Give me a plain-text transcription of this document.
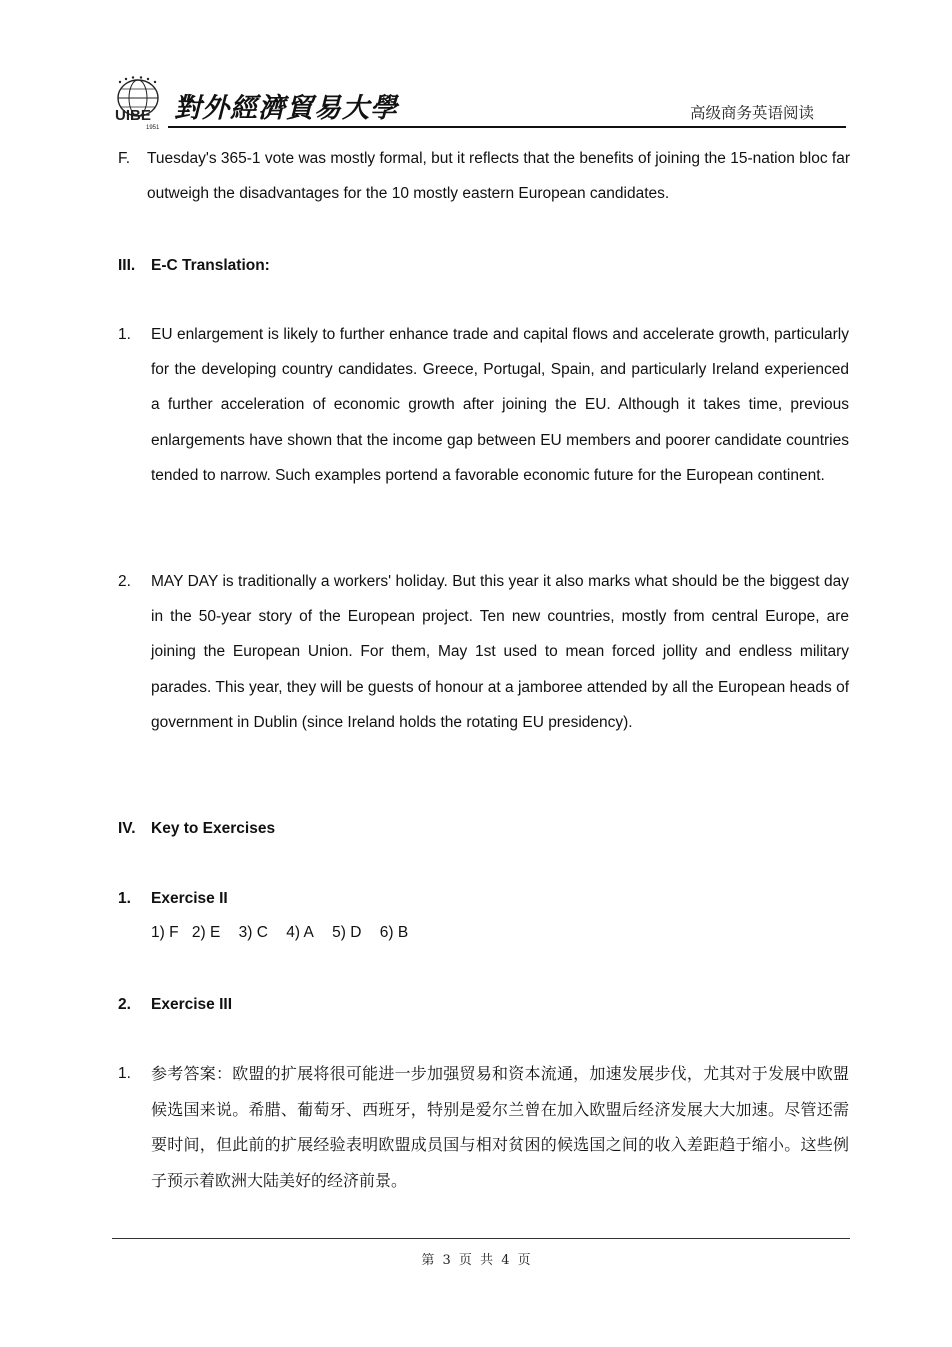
UIBE
1951
對外經濟貿易大學	高级商务英语阅读
F. Tuesday's 365-1 vote was mostly formal, but it reflects that the benefits of joining the 15-nation bloc far outweigh the disadvantages for the 10 mostly eastern European candidates.
III. E-C Translation:
1. EU enlargement is likely to further enhance trade and capital flows and accelerate growth, particularly for the developing country candidates. Greece, Portugal, Spain, and particularly Ireland experienced a further acceleration of economic growth after joining the EU. Although it takes time, previous enlargements have shown that the income gap between EU members and poorer candidate countries tended to narrow. Such examples portend a favorable economic future for the European continent.
2. MAY DAY is traditionally a workers' holiday. But this year it also marks what should be the biggest day in the 50-year story of the European project. Ten new countries, mostly from central Europe, are joining the European Union. For them, May 1st used to mean forced jollity and endless military parades. This year, they will be guests of honour at a jamboree attended by all the European heads of government in Dublin (since Ireland holds the rotating EU presidency).
IV. Key to Exercises
1. Exercise II
1) F 2) E 3) C 4) A 5) D 6) B
2. Exercise III
1. 参考答案：欧盟的扩展将很可能进一步加强贸易和资本流通，加速发展步伐，尤其对于发展中欧盟候选国来说。希腊、葡萄牙、西班牙，特别是爱尔兰曾在加入欧盟后经济发展大大加速。尽管还需要时间，但此前的扩展经验表明欧盟成员国与相对贫困的候选国之间的收入差距趋于缩小。这些例子预示着欧洲大陆美好的经济前景。
第 3 页 共 4 页
